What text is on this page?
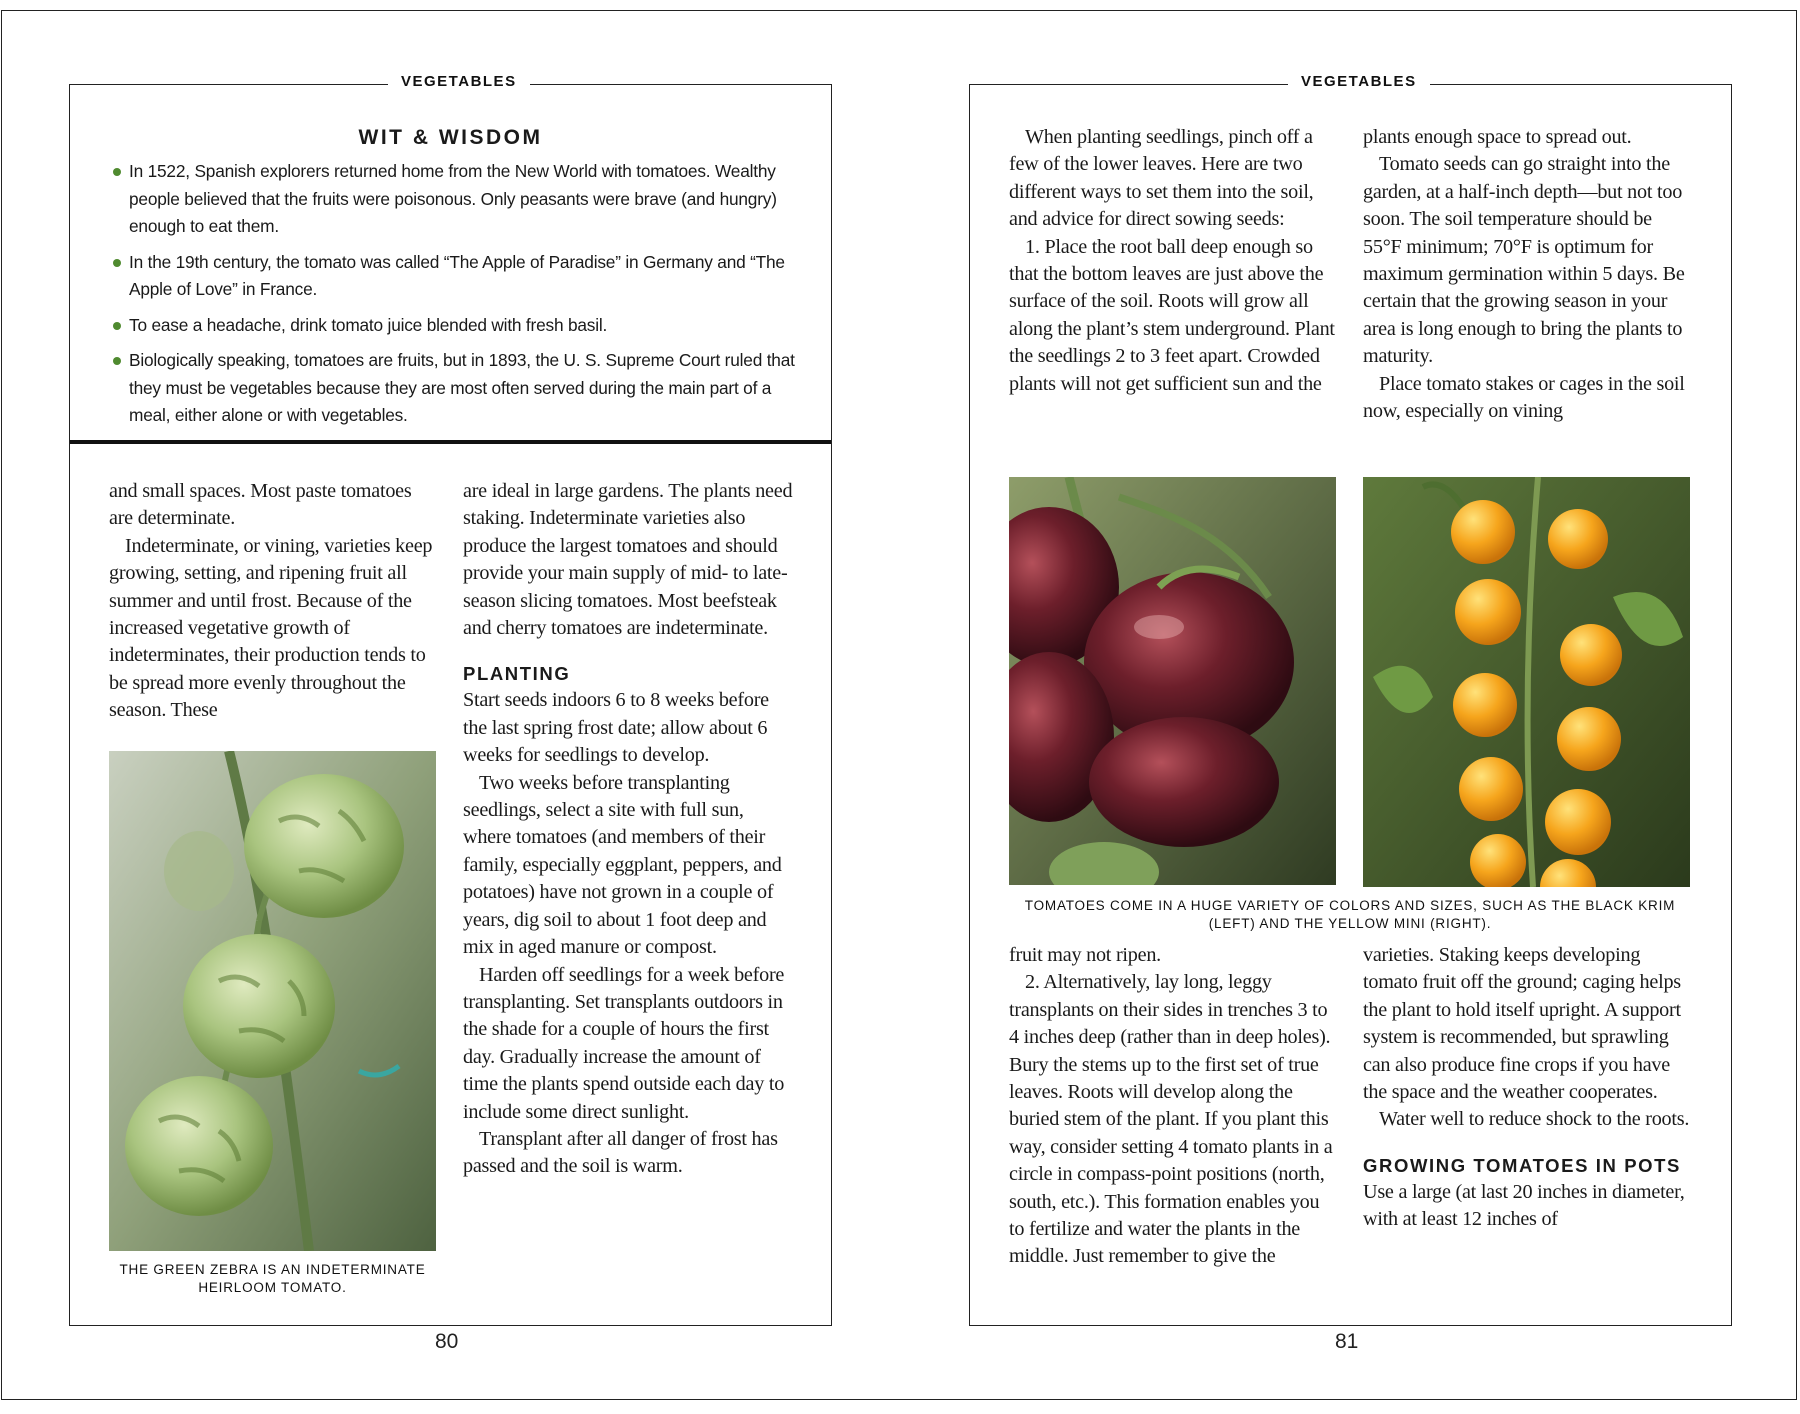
VEGETABLES
WIT & WISDOM
In 1522, Spanish explorers returned home from the New World with tomatoes. Wealthy people believed that the fruits were poisonous. Only peasants were brave (and hungry) enough to eat them.
In the 19th century, the tomato was called “The Apple of Paradise” in Germany and “The Apple of Love” in France.
To ease a headache, drink tomato juice blended with fresh basil.
Biologically speaking, tomatoes are fruits, but in 1893, the U. S. Supreme Court ruled that they must be vegetables because they are most often served during the main part of a meal, either alone or with vegetables.

and small spaces. Most paste tomatoes are determinate.

Indeterminate, or vining, varieties keep growing, setting, and ripening fruit all summer and until frost. Because of the increased vegetative growth of indeterminates, their production tends to be spread more evenly throughout the season. These

THE GREEN ZEBRA IS AN INDETERMINATE HEIRLOOM TOMATO.

are ideal in large gardens. The plants need staking. Indeterminate varieties also produce the largest tomatoes and should provide your main supply of mid- to late-season slicing tomatoes. Most beefsteak and cherry tomatoes are indeterminate.

PLANTING

Start seeds indoors 6 to 8 weeks before the last spring frost date; allow about 6 weeks for seedlings to develop.

Two weeks before transplanting seedlings, select a site with full sun, where tomatoes (and members of their family, especially eggplant, peppers, and potatoes) have not grown in a couple of years, dig soil to about 1 foot deep and mix in aged manure or compost.

Harden off seedlings for a week before transplanting. Set transplants outdoors in the shade for a couple of hours the first day. Gradually increase the amount of time the plants spend outside each day to include some direct sunlight.

Transplant after all danger of frost has passed and the soil is warm.

80
VEGETABLES

When planting seedlings, pinch off a few of the lower leaves. Here are two different ways to set them into the soil, and advice for direct sowing seeds:

1. Place the root ball deep enough so that the bottom leaves are just above the surface of the soil. Roots will grow all along the plant’s stem underground. Plant the seedlings 2 to 3 feet apart. Crowded plants will not get sufficient sun and the

plants enough space to spread out.

Tomato seeds can go straight into the garden, at a half-inch depth—but not too soon. The soil temperature should be 55°F minimum; 70°F is optimum for maximum germination within 5 days. Be certain that the growing season in your area is long enough to bring the plants to maturity.

Place tomato stakes or cages in the soil now, especially on vining

TOMATOES COME IN A HUGE VARIETY OF COLORS AND SIZES, SUCH AS THE BLACK KRIM (LEFT) AND THE YELLOW MINI (RIGHT).

fruit may not ripen.

2. Alternatively, lay long, leggy transplants on their sides in trenches 3 to 4 inches deep (rather than in deep holes). Bury the stems up to the first set of true leaves. Roots will develop along the buried stem of the plant. If you plant this way, consider setting 4 tomato plants in a circle in compass-point positions (north, south, etc.). This formation enables you to fertilize and water the plants in the middle. Just remember to give the

varieties. Staking keeps developing tomato fruit off the ground; caging helps the plant to hold itself upright. A support system is recommended, but sprawling can also produce fine crops if you have the space and the weather cooperates.

Water well to reduce shock to the roots.

GROWING TOMATOES IN POTS

Use a large (at last 20 inches in diameter, with at least 12 inches of

81
